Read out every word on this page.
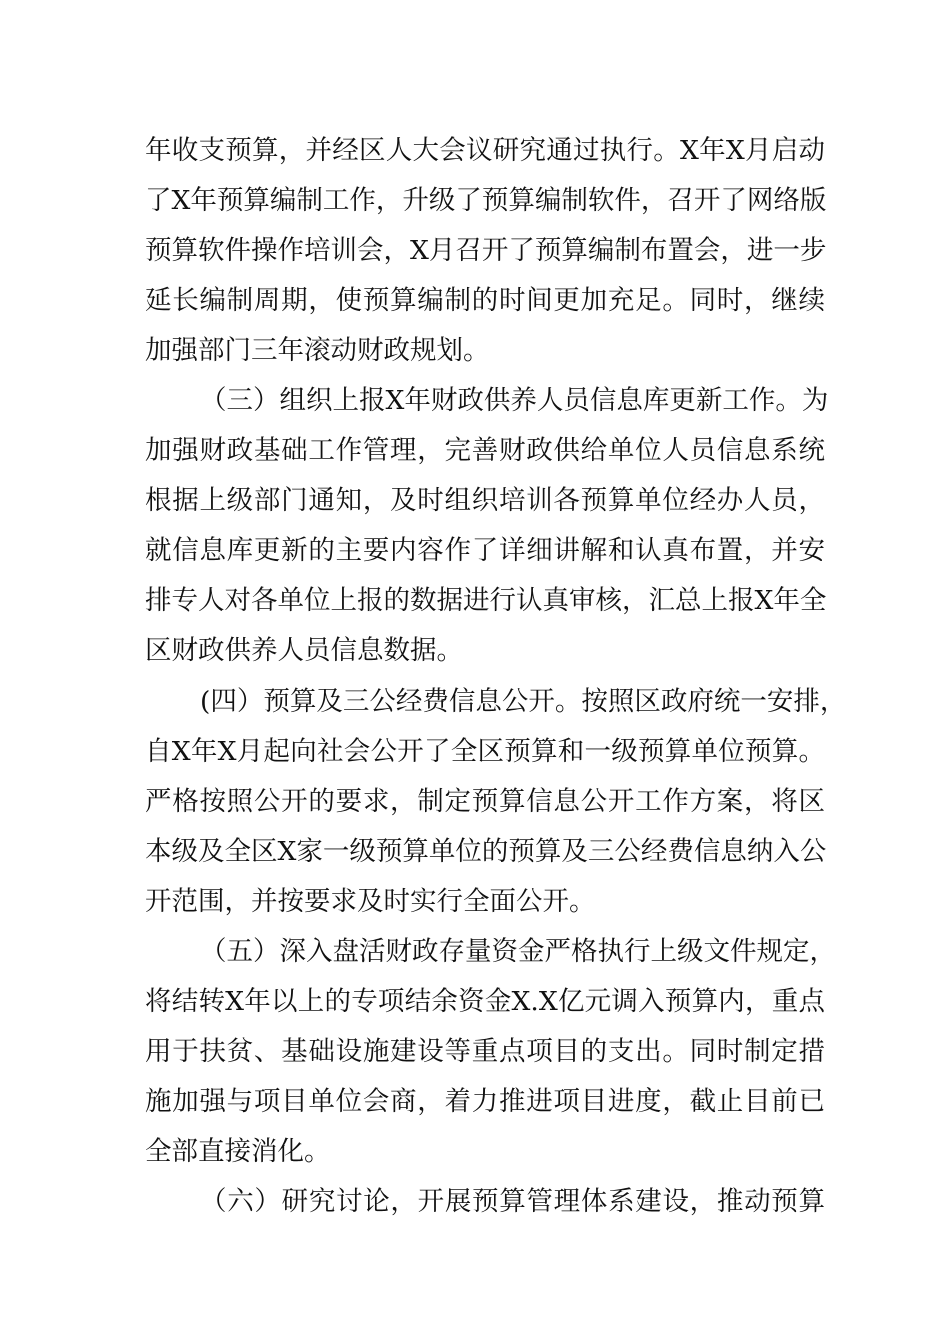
年收支预算，并经区人大会议研究通过执行。X年X月启动
了X年预算编制工作，升级了预算编制软件，召开了网络版
预算软件操作培训会，X月召开了预算编制布置会，进一步
延长编制周期，使预算编制的时间更加充足。同时，继续
加强部门三年滚动财政规划。
（三）组织上报X年财政供养人员信息库更新工作。为
加强财政基础工作管理，完善财政供给单位人员信息系统
根据上级部门通知，及时组织培训各预算单位经办人员，
就信息库更新的主要内容作了详细讲解和认真布置，并安
排专人对各单位上报的数据进行认真审核，汇总上报X年全
区财政供养人员信息数据。
(四）预算及三公经费信息公开。按照区政府统一安排，
自X年X月起向社会公开了全区预算和一级预算单位预算。
严格按照公开的要求，制定预算信息公开工作方案，将区
本级及全区X家一级预算单位的预算及三公经费信息纳入公
开范围，并按要求及时实行全面公开。
（五）深入盘活财政存量资金严格执行上级文件规定，
将结转X年以上的专项结余资金X.X亿元调入预算内，重点
用于扶贫、基础设施建设等重点项目的支出。同时制定措
施加强与项目单位会商，着力推进项目进度，截止目前已
全部直接消化。
（六）研究讨论，开展预算管理体系建设，推动预算
